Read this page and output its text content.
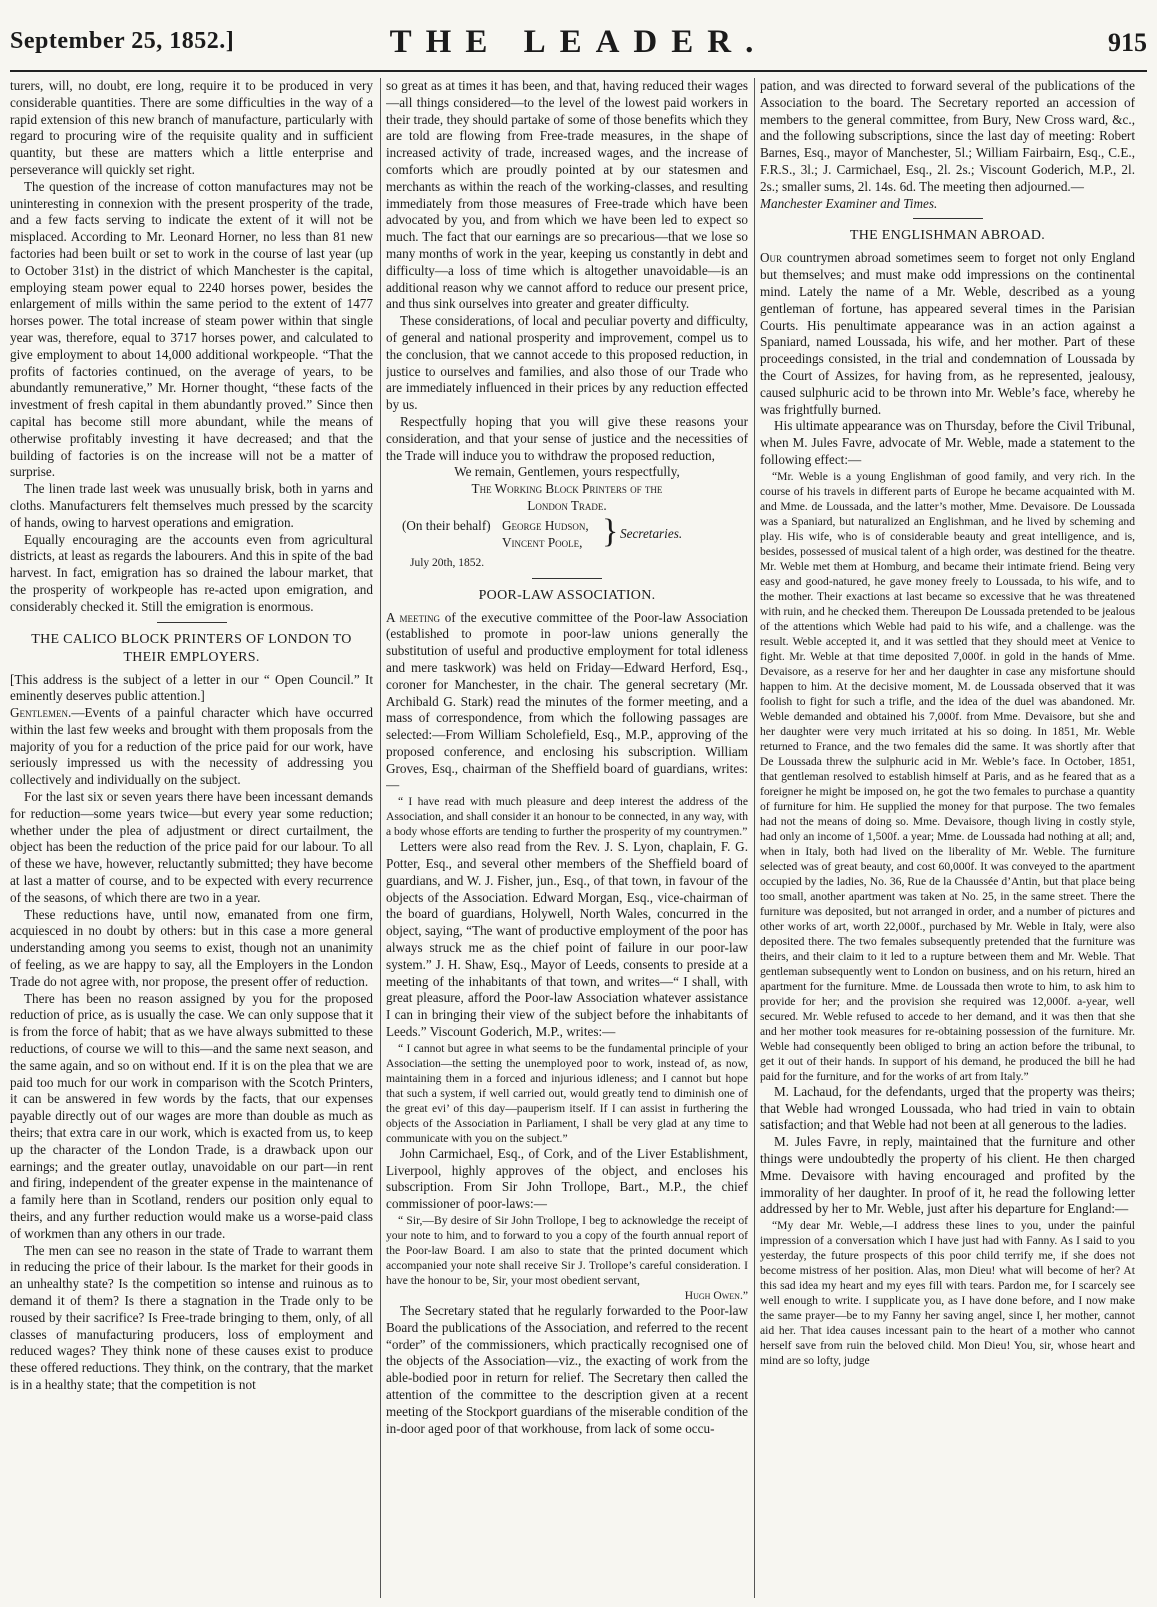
September 25, 1852.]	THE LEADER.	915

turers, will, no doubt, ere long, require it to be produced in very considerable quantities. There are some difficulties in the way of a rapid extension of this new branch of manufacture, particularly with regard to procuring wire of the requisite quality and in sufficient quantity, but these are matters which a little enterprise and perseverance will quickly set right.

The question of the increase of cotton manufactures may not be uninteresting in connexion with the present prosperity of the trade, and a few facts serving to indicate the extent of it will not be misplaced. According to Mr. Leonard Horner, no less than 81 new factories had been built or set to work in the course of last year (up to October 31st) in the district of which Manchester is the capital, employing steam power equal to 2240 horses power, besides the enlargement of mills within the same period to the extent of 1477 horses power. The total increase of steam power within that single year was, therefore, equal to 3717 horses power, and calculated to give employment to about 14,000 additional workpeople. “That the profits of factories continued, on the average of years, to be abundantly remunerative,” Mr. Horner thought, “these facts of the investment of fresh capital in them abundantly proved.” Since then capital has become still more abundant, while the means of otherwise profitably investing it have decreased; and that the building of factories is on the increase will not be a matter of surprise.

The linen trade last week was unusually brisk, both in yarns and cloths. Manufacturers felt themselves much pressed by the scarcity of hands, owing to harvest operations and emigration.

Equally encouraging are the accounts even from agricultural districts, at least as regards the labourers. And this in spite of the bad harvest. In fact, emigration has so drained the labour market, that the prosperity of workpeople has re-acted upon emigration, and considerably checked it. Still the emigration is enormous.

THE CALICO BLOCK PRINTERS OF LONDON TO THEIR EMPLOYERS.

[This address is the subject of a letter in our “ Open Council.” It eminently deserves public attention.]

Gentlemen.—Events of a painful character which have occurred within the last few weeks and brought with them proposals from the majority of you for a reduction of the price paid for our work, have seriously impressed us with the necessity of addressing you collectively and individually on the subject.

For the last six or seven years there have been incessant demands for reduction—some years twice—but every year some reduction; whether under the plea of adjustment or direct curtailment, the object has been the reduction of the price paid for our labour. To all of these we have, however, reluctantly submitted; they have become at last a matter of course, and to be expected with every recurrence of the seasons, of which there are two in a year.

These reductions have, until now, emanated from one firm, acquiesced in no doubt by others: but in this case a more general understanding among you seems to exist, though not an unanimity of feeling, as we are happy to say, all the Employers in the London Trade do not agree with, nor propose, the present offer of reduction.

There has been no reason assigned by you for the proposed reduction of price, as is usually the case. We can only suppose that it is from the force of habit; that as we have always submitted to these reductions, of course we will to this—and the same next season, and the same again, and so on without end. If it is on the plea that we are paid too much for our work in comparison with the Scotch Printers, it can be answered in few words by the facts, that our expenses payable directly out of our wages are more than double as much as theirs; that extra care in our work, which is exacted from us, to keep up the character of the London Trade, is a drawback upon our earnings; and the greater outlay, unavoidable on our part—in rent and firing, independent of the greater expense in the maintenance of a family here than in Scotland, renders our position only equal to theirs, and any further reduction would make us a worse-paid class of workmen than any others in our trade.

The men can see no reason in the state of Trade to warrant them in reducing the price of their labour. Is the market for their goods in an unhealthy state? Is the competition so intense and ruinous as to demand it of them? Is there a stagnation in the Trade only to be roused by their sacrifice? Is Free-trade bringing to them, only, of all classes of manufacturing producers, loss of employment and reduced wages? They think none of these causes exist to produce these offered reductions. They think, on the contrary, that the market is in a healthy state; that the competition is not

so great as at times it has been, and that, having reduced their wages—all things considered—to the level of the lowest paid workers in their trade, they should partake of some of those benefits which they are told are flowing from Free-trade measures, in the shape of increased activity of trade, increased wages, and the increase of comforts which are proudly pointed at by our statesmen and merchants as within the reach of the working-classes, and resulting immediately from those measures of Free-trade which have been advocated by you, and from which we have been led to expect so much. The fact that our earnings are so precarious—that we lose so many months of work in the year, keeping us constantly in debt and difficulty—a loss of time which is altogether unavoidable—is an additional reason why we cannot afford to reduce our present price, and thus sink ourselves into greater and greater difficulty.

These considerations, of local and peculiar poverty and difficulty, of general and national prosperity and improvement, compel us to the conclusion, that we cannot accede to this proposed reduction, in justice to ourselves and families, and also those of our Trade who are immediately influenced in their prices by any reduction effected by us.

Respectfully hoping that you will give these reasons your consideration, and that your sense of justice and the necessities of the Trade will induce you to withdraw the proposed reduction,

We remain, Gentlemen, yours respectfully,

The Working Block Printers of the

London Trade.

(On their behalf) George Hudson,
Vincent Poole, } Secretaries.

July 20th, 1852.

POOR-LAW ASSOCIATION.

A meeting of the executive committee of the Poor-law Association (established to promote in poor-law unions generally the substitution of useful and productive employment for total idleness and mere taskwork) was held on Friday—Edward Herford, Esq., coroner for Manchester, in the chair. The general secretary (Mr. Archibald G. Stark) read the minutes of the former meeting, and a mass of correspondence, from which the following passages are selected:—From William Scholefield, Esq., M.P., approving of the proposed conference, and enclosing his subscription. William Groves, Esq., chairman of the Sheffield board of guardians, writes:—

“ I have read with much pleasure and deep interest the address of the Association, and shall consider it an honour to be connected, in any way, with a body whose efforts are tending to further the prosperity of my countrymen.”

Letters were also read from the Rev. J. S. Lyon, chaplain, F. G. Potter, Esq., and several other members of the Sheffield board of guardians, and W. J. Fisher, jun., Esq., of that town, in favour of the objects of the Association. Edward Morgan, Esq., vice-chairman of the board of guardians, Holywell, North Wales, concurred in the object, saying, “The want of productive employment of the poor has always struck me as the chief point of failure in our poor-law system.” J. H. Shaw, Esq., Mayor of Leeds, consents to preside at a meeting of the inhabitants of that town, and writes—“ I shall, with great pleasure, afford the Poor-law Association whatever assistance I can in bringing their view of the subject before the inhabitants of Leeds.” Viscount Goderich, M.P., writes:—

“ I cannot but agree in what seems to be the fundamental principle of your Association—the setting the unemployed poor to work, instead of, as now, maintaining them in a forced and injurious idleness; and I cannot but hope that such a system, if well carried out, would greatly tend to diminish one of the great evi’ of this day—pauperism itself. If I can assist in furthering the objects of the Association in Parliament, I shall be very glad at any time to communicate with you on the subject.”

John Carmichael, Esq., of Cork, and of the Liver Establishment, Liverpool, highly approves of the object, and encloses his subscription. From Sir John Trollope, Bart., M.P., the chief commissioner of poor-laws:—

“ Sir,—By desire of Sir John Trollope, I beg to acknowledge the receipt of your note to him, and to forward to you a copy of the fourth annual report of the Poor-law Board. I am also to state that the printed document which accompanied your note shall receive Sir J. Trollope’s careful consideration. I have the honour to be, Sir, your most obedient servant,

Hugh Owen.”

The Secretary stated that he regularly forwarded to the Poor-law Board the publications of the Association, and referred to the recent “order” of the commissioners, which practically recognised one of the objects of the Association—viz., the exacting of work from the able-bodied poor in return for relief. The Secretary then called the attention of the committee to the description given at a recent meeting of the Stockport guardians of the miserable condition of the in-door aged poor of that workhouse, from lack of some occu-

pation, and was directed to forward several of the publications of the Association to the board. The Secretary reported an accession of members to the general committee, from Bury, New Cross ward, &c., and the following subscriptions, since the last day of meeting: Robert Barnes, Esq., mayor of Manchester, 5l.; William Fairbairn, Esq., C.E., F.R.S., 3l.; J. Carmichael, Esq., 2l. 2s.; Viscount Goderich, M.P., 2l. 2s.; smaller sums, 2l. 14s. 6d. The meeting then adjourned.—

Manchester Examiner and Times.

THE ENGLISHMAN ABROAD.

Our countrymen abroad sometimes seem to forget not only England but themselves; and must make odd impressions on the continental mind. Lately the name of a Mr. Weble, described as a young gentleman of fortune, has appeared several times in the Parisian Courts. His penultimate appearance was in an action against a Spaniard, named Loussada, his wife, and her mother. Part of these proceedings consisted, in the trial and condemnation of Loussada by the Court of Assizes, for having from, as he represented, jealousy, caused sulphuric acid to be thrown into Mr. Weble’s face, whereby he was frightfully burned.

His ultimate appearance was on Thursday, before the Civil Tribunal, when M. Jules Favre, advocate of Mr. Weble, made a statement to the following effect:—

“Mr. Weble is a young Englishman of good family, and very rich. In the course of his travels in different parts of Europe he became acquainted with M. and Mme. de Loussada, and the latter’s mother, Mme. Devaisore. De Loussada was a Spaniard, but naturalized an Englishman, and he lived by scheming and play. His wife, who is of considerable beauty and great intelligence, and is, besides, possessed of musical talent of a high order, was destined for the theatre. Mr. Weble met them at Homburg, and became their intimate friend. Being very easy and good-natured, he gave money freely to Loussada, to his wife, and to the mother. Their exactions at last became so excessive that he was threatened with ruin, and he checked them. Thereupon De Loussada pretended to be jealous of the attentions which Weble had paid to his wife, and a challenge. was the result. Weble accepted it, and it was settled that they should meet at Venice to fight. Mr. Weble at that time deposited 7,000f. in gold in the hands of Mme. Devaisore, as a reserve for her and her daughter in case any misfortune should happen to him. At the decisive moment, M. de Loussada observed that it was foolish to fight for such a trifle, and the idea of the duel was abandoned. Mr. Weble demanded and obtained his 7,000f. from Mme. Devaisore, but she and her daughter were very much irritated at his so doing. In 1851, Mr. Weble returned to France, and the two females did the same. It was shortly after that De Loussada threw the sulphuric acid in Mr. Weble’s face. In October, 1851, that gentleman resolved to establish himself at Paris, and as he feared that as a foreigner he might be imposed on, he got the two females to purchase a quantity of furniture for him. He supplied the money for that purpose. The two females had not the means of doing so. Mme. Devaisore, though living in costly style, had only an income of 1,500f. a year; Mme. de Loussada had nothing at all; and, when in Italy, both had lived on the liberality of Mr. Weble. The furniture selected was of great beauty, and cost 60,000f. It was conveyed to the apartment occupied by the ladies, No. 36, Rue de la Chaussée d’Antin, but that place being too small, another apartment was taken at No. 25, in the same street. There the furniture was deposited, but not arranged in order, and a number of pictures and other works of art, worth 22,000f., purchased by Mr. Weble in Italy, were also deposited there. The two females subsequently pretended that the furniture was theirs, and their claim to it led to a rupture between them and Mr. Weble. That gentleman subsequently went to London on business, and on his return, hired an apartment for the furniture. Mme. de Loussada then wrote to him, to ask him to provide for her; and the provision she required was 12,000f. a-year, well secured. Mr. Weble refused to accede to her demand, and it was then that she and her mother took measures for re-obtaining possession of the furniture. Mr. Weble had consequently been obliged to bring an action before the tribunal, to get it out of their hands. In support of his demand, he produced the bill he had paid for the furniture, and for the works of art from Italy.”

M. Lachaud, for the defendants, urged that the property was theirs; that Weble had wronged Loussada, who had tried in vain to obtain satisfaction; and that Weble had not been at all generous to the ladies.

M. Jules Favre, in reply, maintained that the furniture and other things were undoubtedly the property of his client. He then charged Mme. Devaisore with having encouraged and profited by the immorality of her daughter. In proof of it, he read the following letter addressed by her to Mr. Weble, just after his departure for England:—

“My dear Mr. Weble,—I address these lines to you, under the painful impression of a conversation which I have just had with Fanny. As I said to you yesterday, the future prospects of this poor child terrify me, if she does not become mistress of her position. Alas, mon Dieu! what will become of her? At this sad idea my heart and my eyes fill with tears. Pardon me, for I scarcely see well enough to write. I supplicate you, as I have done before, and I now make the same prayer—be to my Fanny her saving angel, since I, her mother, cannot aid her. That idea causes incessant pain to the heart of a mother who cannot herself save from ruin the beloved child. Mon Dieu! You, sir, whose heart and mind are so lofty, judge
